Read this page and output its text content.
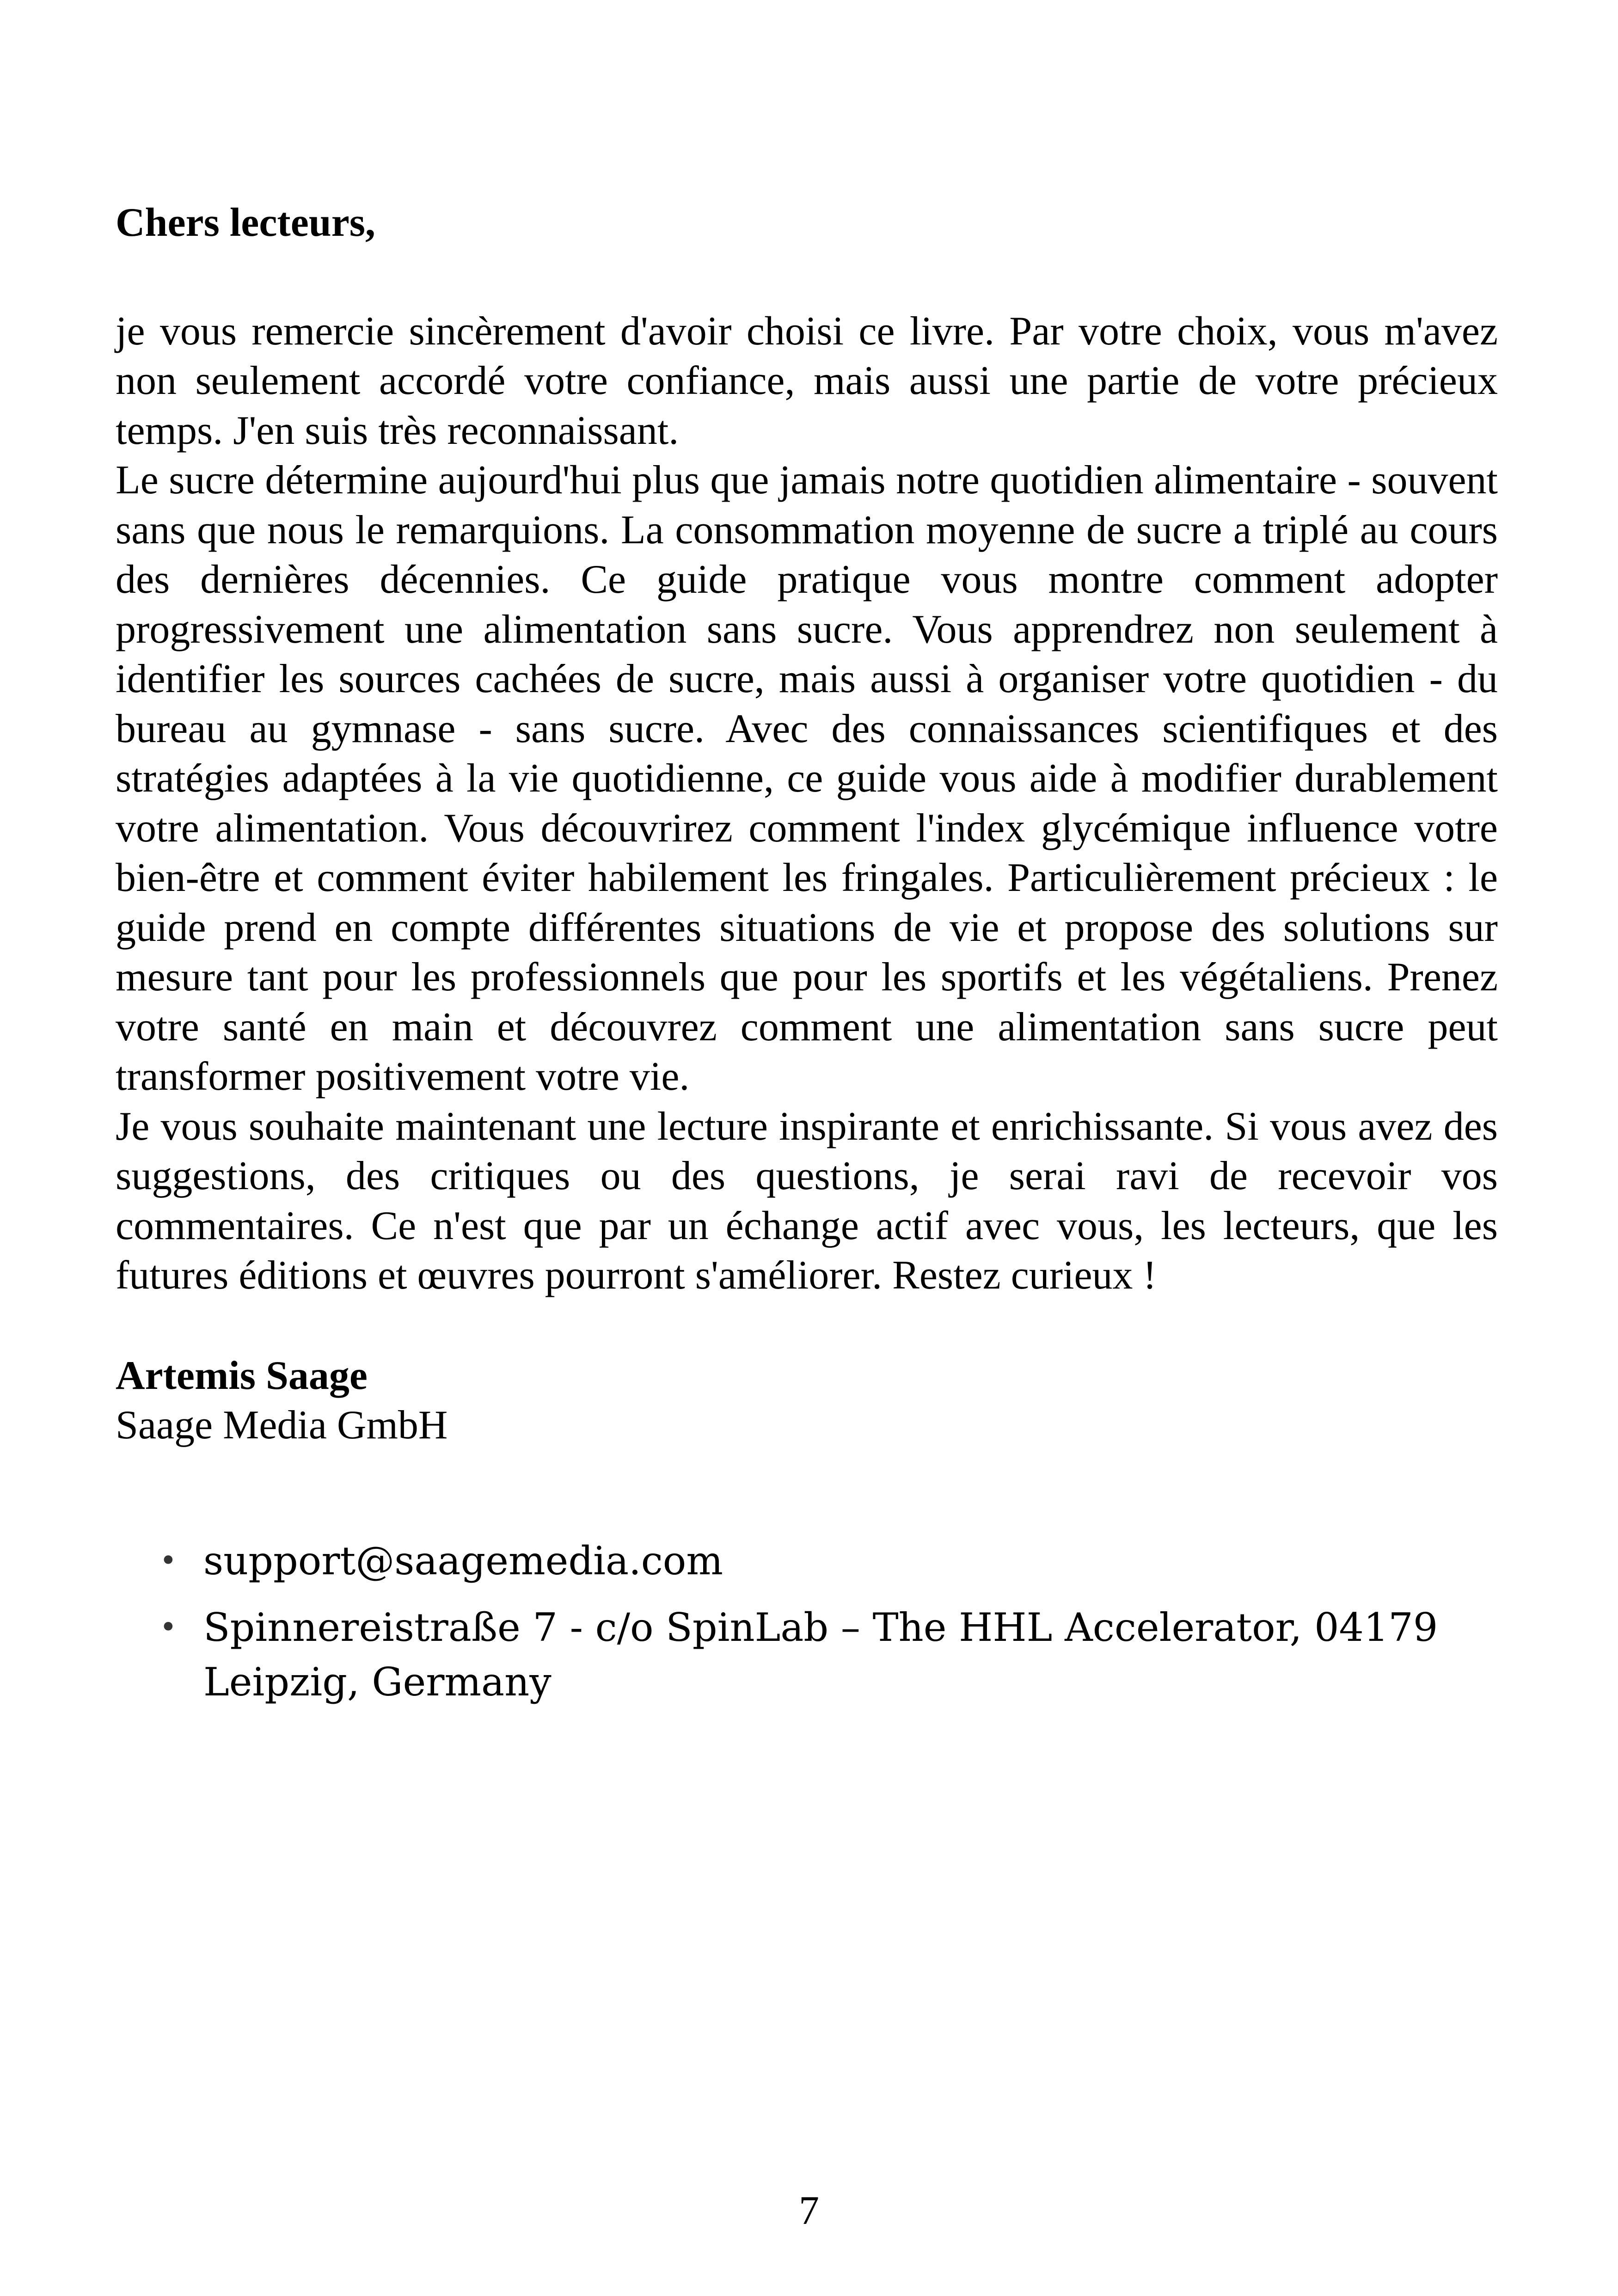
Chers lecteurs,

je vous remercie sincèrement d'avoir choisi ce livre. Par votre choix, vous m'avez non seulement accordé votre confiance, mais aussi une partie de votre précieux temps. J'en suis très reconnaissant.

Le sucre détermine aujourd'hui plus que jamais notre quotidien alimentaire - souvent sans que nous le remarquions. La consommation moyenne de sucre a triplé au cours des dernières décennies. Ce guide pratique vous montre comment adopter progressivement une alimentation sans sucre. Vous apprendrez non seulement à identifier les sources cachées de sucre, mais aussi à organiser votre quotidien - du bureau au gymnase - sans sucre. Avec des connaissances scientifiques et des stratégies adaptées à la vie quotidienne, ce guide vous aide à modifier durablement votre alimentation. Vous découvrirez comment l'index glycémique influence votre bien-être et comment éviter habilement les fringales. Particulièrement précieux : le guide prend en compte différentes situations de vie et propose des solutions sur mesure tant pour les professionnels que pour les sportifs et les végétaliens. Prenez votre santé en main et découvrez comment une alimentation sans sucre peut transformer positivement votre vie.

Je vous souhaite maintenant une lecture inspirante et enrichissante. Si vous avez des suggestions, des critiques ou des questions, je serai ravi de recevoir vos commentaires. Ce n'est que par un échange actif avec vous, les lecteurs, que les futures éditions et œuvres pourront s'améliorer. Restez curieux !

Artemis Saage

Saage Media GmbH

• support@saagemedia.com
• Spinnereistraße 7 - c/o SpinLab – The HHL Accelerator, 04179 Leipzig, Germany
7
